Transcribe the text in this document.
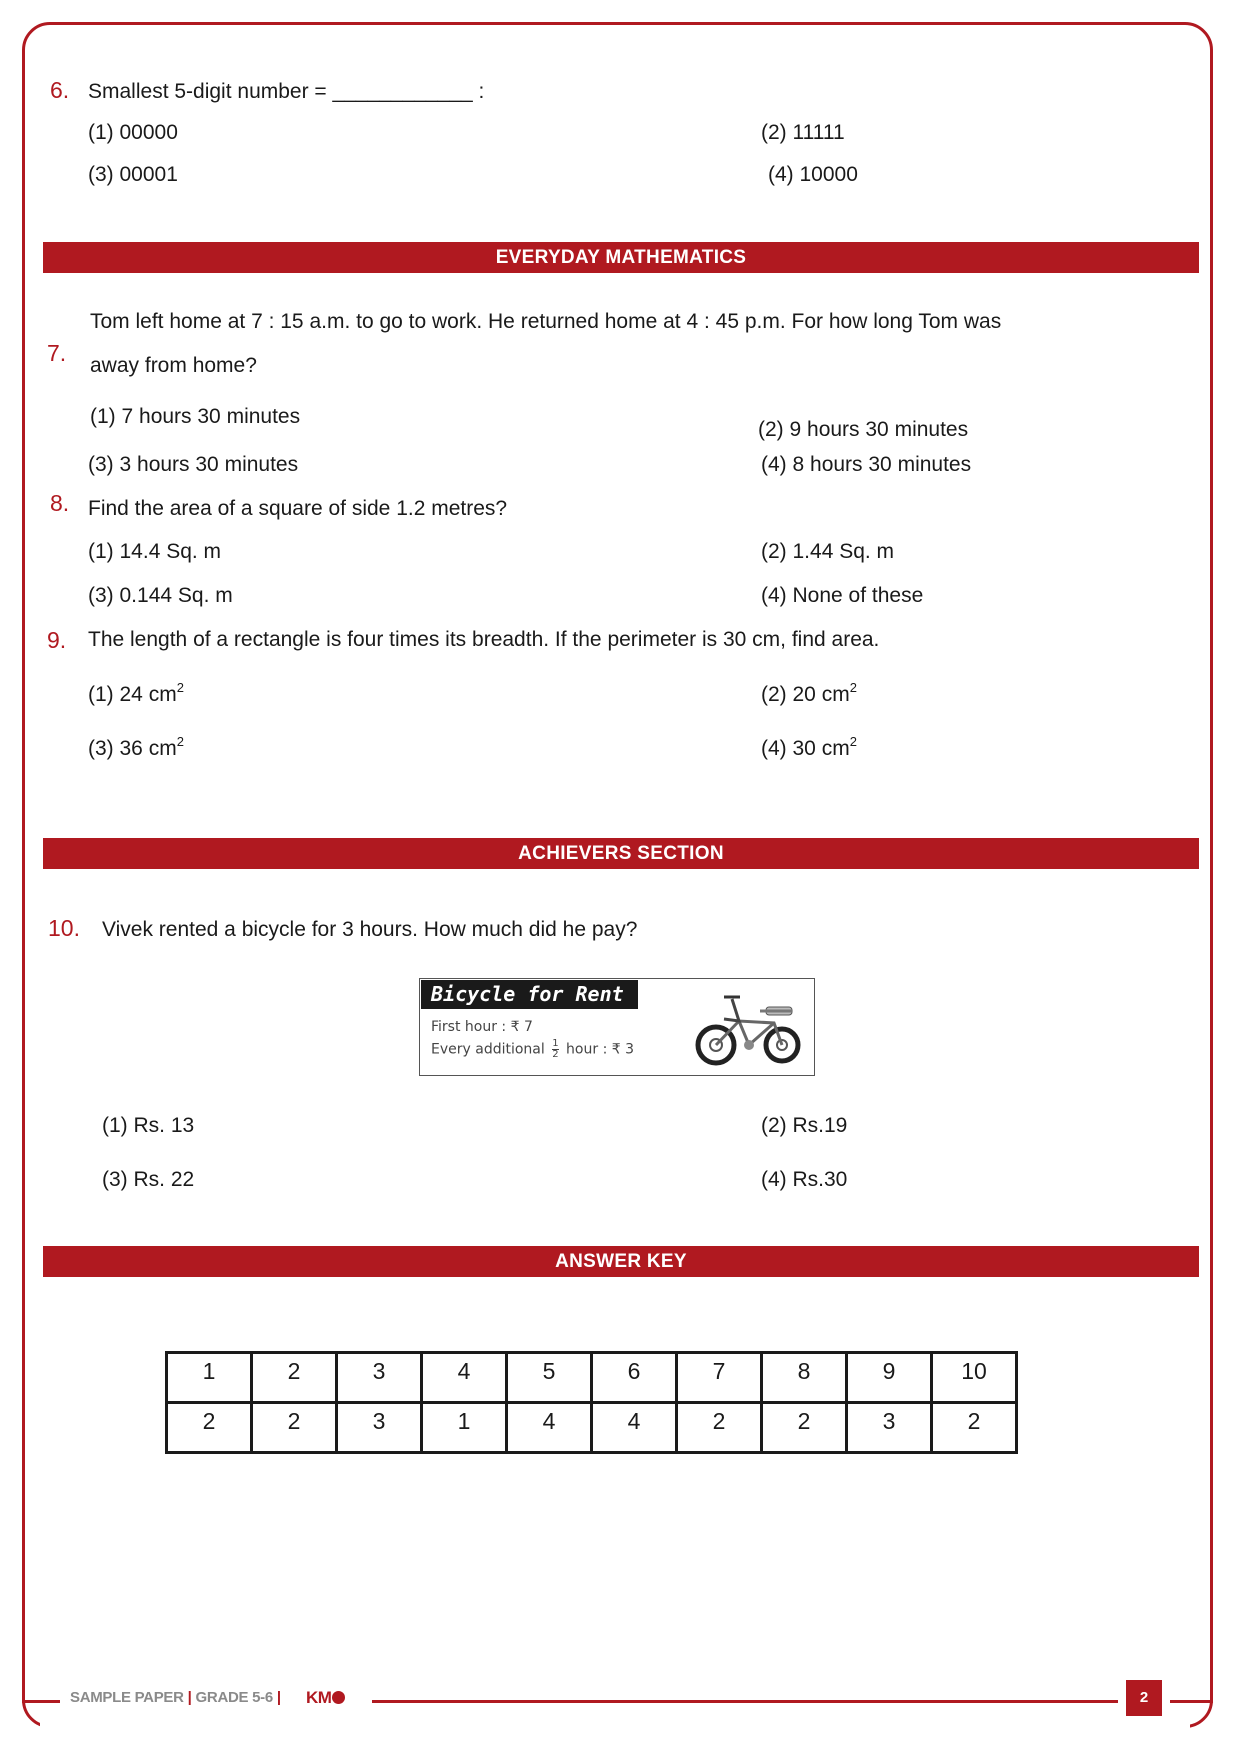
6. Smallest 5-digit number = ____________ :
(1) 00000	(2) 11111
(3) 00001	(4) 10000
EVERYDAY MATHEMATICS
7.
Tom left home at 7 : 15 a.m. to go to work. He returned home at 4 : 45 p.m. For how long Tom was
away from home?
(1) 7 hours 30 minutes
(2) 9 hours 30 minutes
(3) 3 hours 30 minutes	(4) 8 hours 30 minutes
8. Find the area of a square of side 1.2 metres?
(1) 14.4 Sq. m	(2) 1.44 Sq. m
(3) 0.144 Sq. m	(4) None of these
9. The length of a rectangle is four times its breadth. If the perimeter is 30 cm, find area.
(1) 24 $cm^2$	(2) 20 $cm^2$
(3) 36 $cm^2$	(4) 30 $cm^2$
ACHIEVERS SECTION
10. Vivek rented a bicycle for 3 hours. How much did he pay?
Bicycle for Rent
First hour : ₹ 7
Every additional $\frac{1}{2}$ hour : ₹ 3
(1) Rs. 13	(2) Rs.19
(3) Rs. 22	(4) Rs.30
ANSWER KEY
1	2	3	4	5	6	7	8	9	10
2	2	3	1	4	4	2	2	3	2
SAMPLE PAPER | GRADE 5-6 | KM	2
